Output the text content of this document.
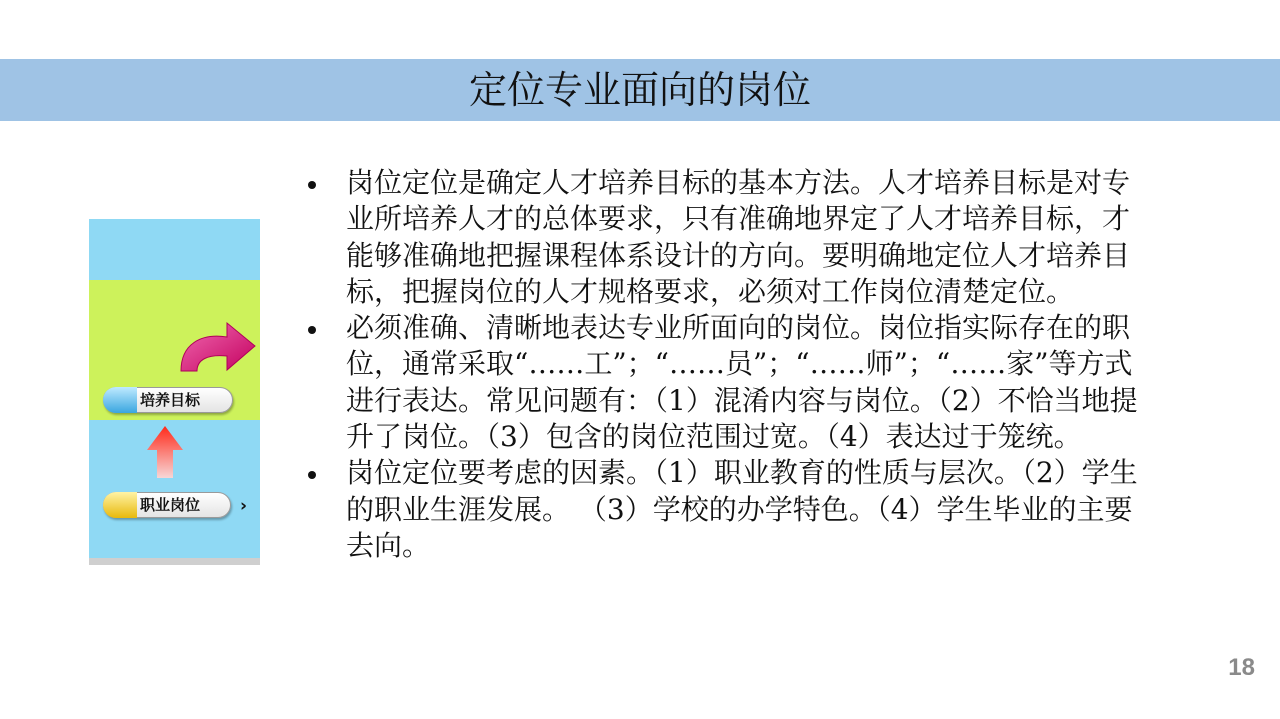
定位专业面向的岗位
培养目标
职业岗位	›
岗位定位是确定人才培养目标的基本方法。人才培养目标是对专业所培养人才的总体要求，只有准确地界定了人才培养目标，才能够准确地把握课程体系设计的方向。要明确地定位人才培养目标，把握岗位的人才规格要求，必须对工作岗位清楚定位。
必须准确、清晰地表达专业所面向的岗位。岗位指实际存在的职位，通常采取“……工”；“……员”；“……师”；“……家”等方式进行表达。常见问题有：（1）混淆内容与岗位。（2）不恰当地提升了岗位。（3）包含的岗位范围过宽。（4）表达过于笼统。
岗位定位要考虑的因素。（1）职业教育的性质与层次。（2）学生的职业生涯发展。 （3）学校的办学特色。（4）学生毕业的主要去向。
18
